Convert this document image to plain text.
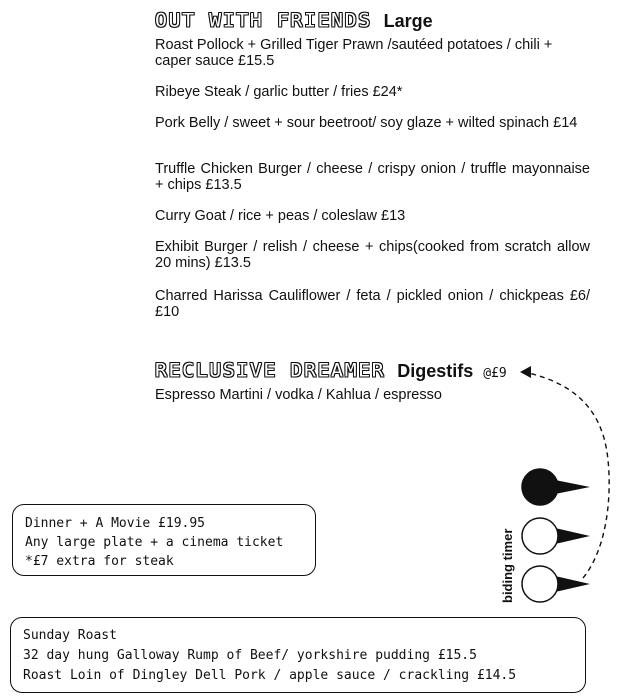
OUT WITH FRIENDS Large
Roast Pollock + Grilled Tiger Prawn /sautéed potatoes / chili + caper sauce £15.5
Ribeye Steak / garlic butter / fries £24*
Pork Belly / sweet + sour beetroot/ soy glaze + wilted spinach £14
Truffle Chicken Burger / cheese / crispy onion / truffle mayonnaise + chips £13.5
Curry Goat / rice + peas / coleslaw £13
Exhibit Burger / relish / cheese + chips(cooked from scratch allow 20 mins) £13.5
Charred Harissa Cauliflower / feta / pickled onion / chickpeas £6/ £10
RECLUSIVE DREAMER Digestifs @£9
Espresso Martini / vodka / Kahlua / espresso
biding timer
Dinner + A Movie £19.95
Any large plate + a cinema ticket
*£7 extra for steak
Sunday Roast
32 day hung Galloway Rump of Beef/ yorkshire pudding £15.5
Roast Loin of Dingley Dell Pork / apple sauce / crackling £14.5
